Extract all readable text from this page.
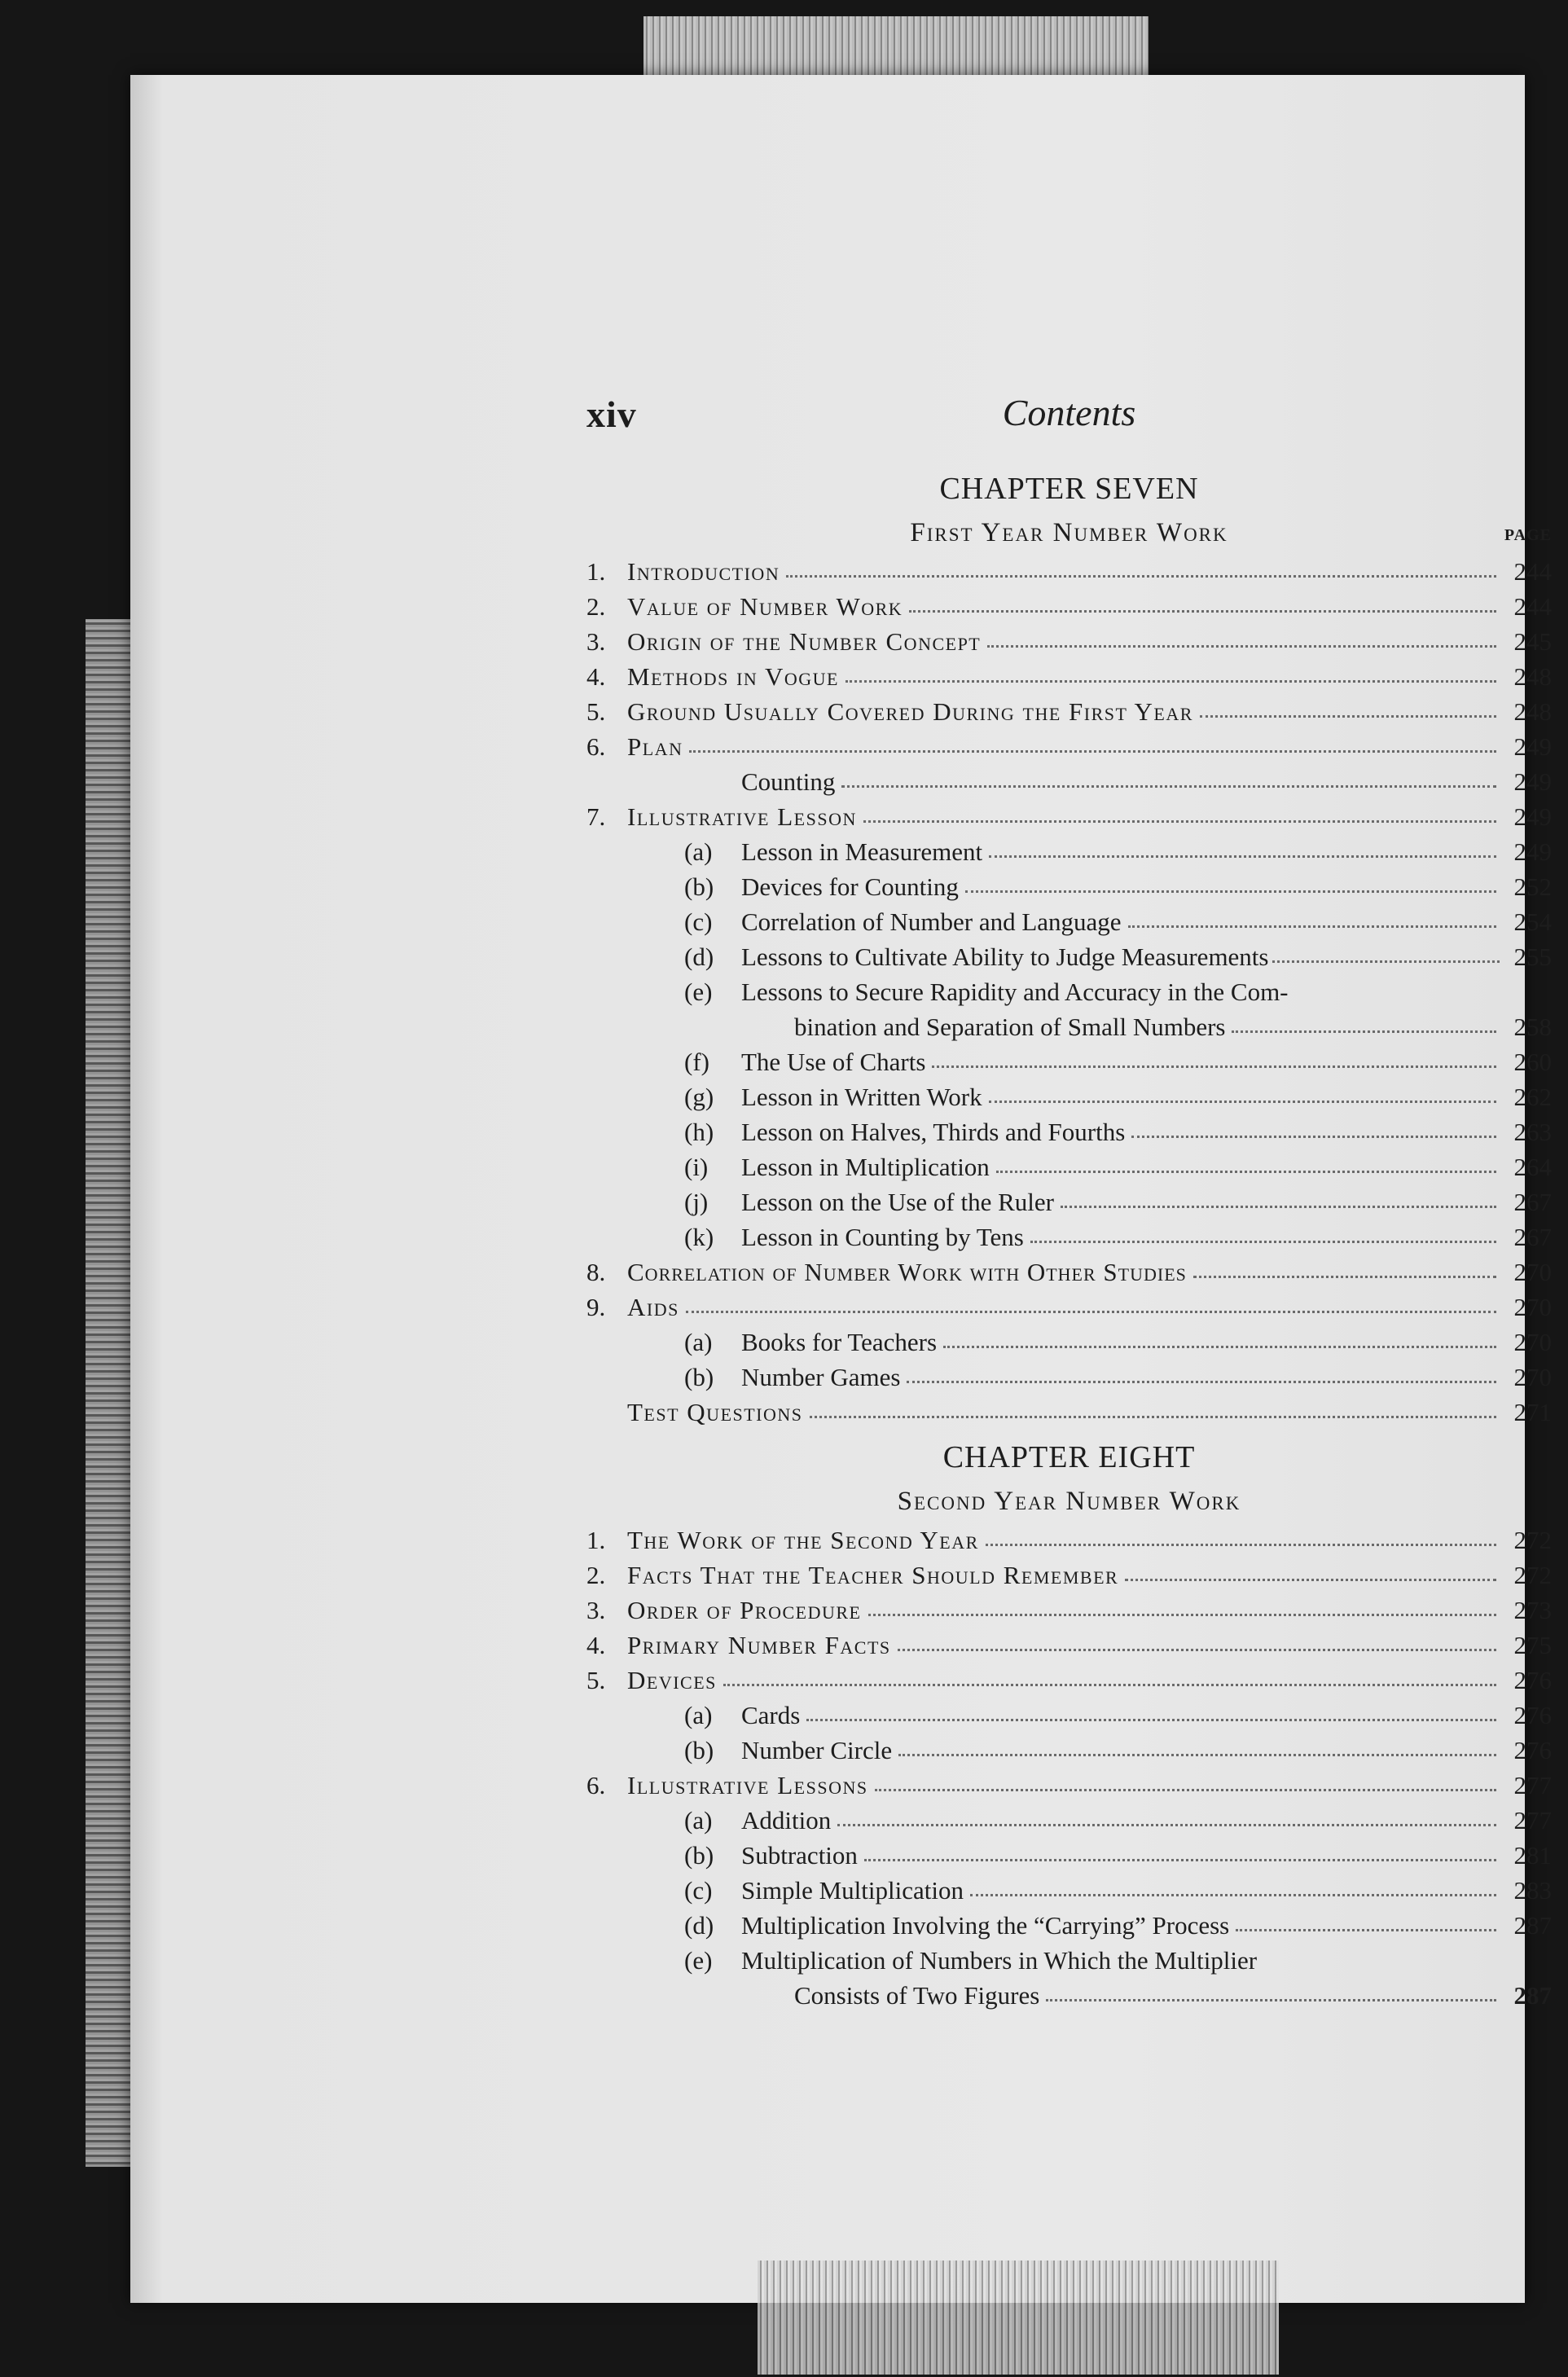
xiv	Contents
CHAPTER SEVEN
First Year Number Work	PAGE
1. Introduction	244
2. Value of Number Work	244
3. Origin of the Number Concept	245
4. Methods in Vogue	248
5. Ground Usually Covered During the First Year	248
6. Plan	249
Counting	249
7. Illustrative Lesson	249
(a)	Lesson in Measurement	249
(b)	Devices for Counting	252
(c)	Correlation of Number and Language	254
(d)	Lessons to Cultivate Ability to Judge Measurements	255
(e)	Lessons to Secure Rapidity and Accuracy in the Com-
bination and Separation of Small Numbers	258
(f)	The Use of Charts	260
(g)	Lesson in Written Work	262
(h)	Lesson on Halves, Thirds and Fourths	263
(i)	Lesson in Multiplication	264
(j)	Lesson on the Use of the Ruler	267
(k)	Lesson in Counting by Tens	267
8. Correlation of Number Work with Other Studies	270
9. Aids	270
(a)	Books for Teachers	270
(b)	Number Games	270
Test Questions	271
CHAPTER EIGHT
Second Year Number Work
1. The Work of the Second Year	272
2. Facts That the Teacher Should Remember	272
3. Order of Procedure	273
4. Primary Number Facts	275
5. Devices	276
(a)	Cards	276
(b)	Number Circle	276
6. Illustrative Lessons	277
(a)	Addition	277
(b)	Subtraction	281
(c)	Simple Multiplication	283
(d)	Multiplication Involving the “Carrying” Process	287
(e)	Multiplication of Numbers in Which the Multiplier
Consists of Two Figures	287
